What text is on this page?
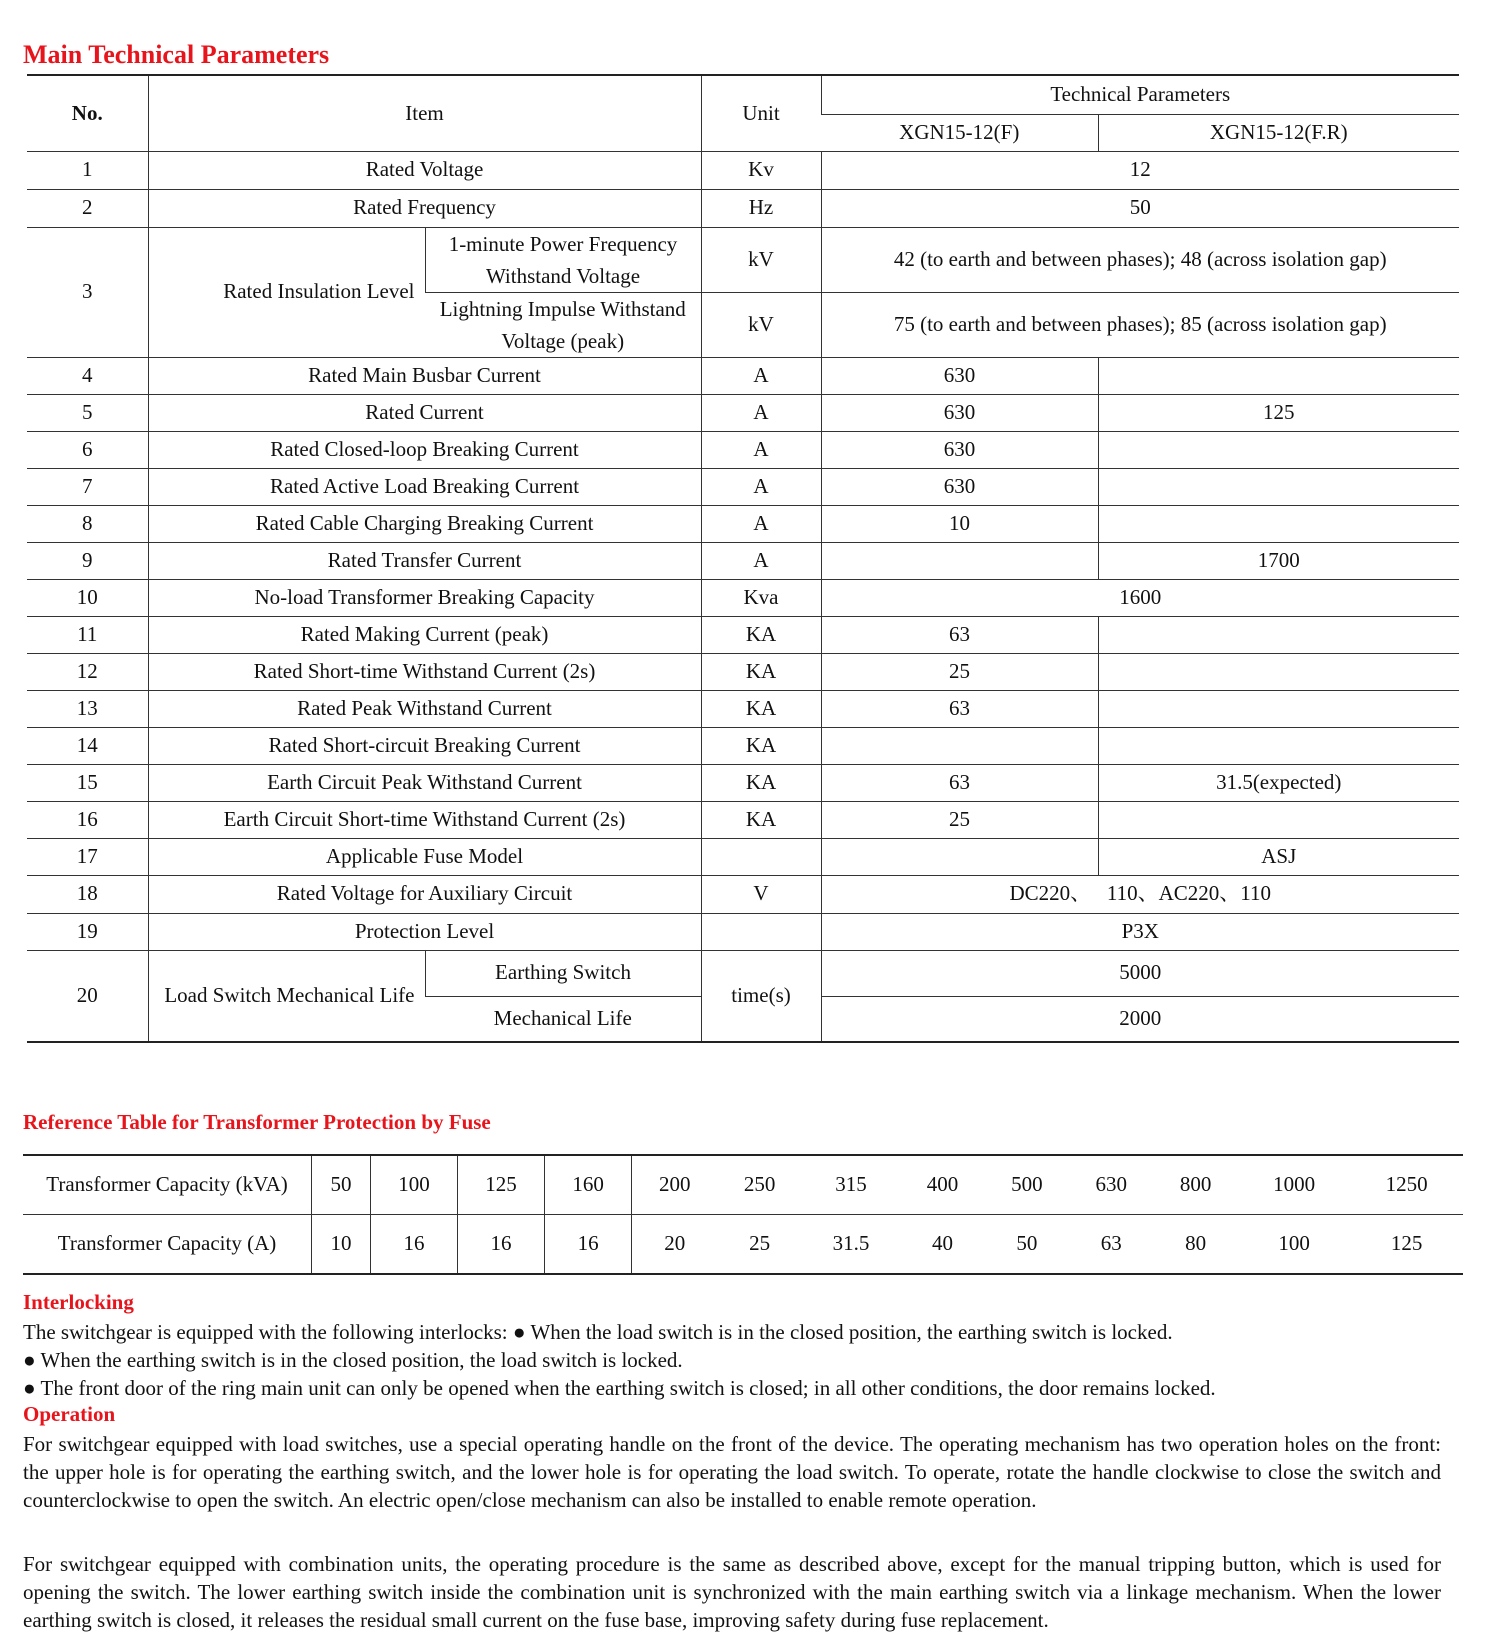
Main Technical Parameters
No.	Item		Unit	Technical Parameters	
				XGN15-12(F)	XGN15-12(F.R)
1	Rated Voltage		Kv	12	
2	Rated Frequency		Hz	50	
3	Rated Insulation Level	1-minute Power Frequency Withstand Voltage	kV	42 (to earth and between phases); 48 (across isolation gap)	
		Lightning Impulse Withstand Voltage (peak)	kV	75 (to earth and between phases); 85 (across isolation gap)	
4	Rated Main Busbar Current		A	630	
5	Rated Current		A	630	125
6	Rated Closed-loop Breaking Current		A	630	
7	Rated Active Load Breaking Current		A	630	
8	Rated Cable Charging Breaking Current		A	10	
9	Rated Transfer Current		A		1700
10	No-load Transformer Breaking Capacity		Kva	1600	
11	Rated Making Current (peak)		KA	63	
12	Rated Short-time Withstand Current (2s)		KA	25	
13	Rated Peak Withstand Current		KA	63	
14	Rated Short-circuit Breaking Current		KA		
15	Earth Circuit Peak Withstand Current		KA	63	31.5(expected)
16	Earth Circuit Short-time Withstand Current (2s)		KA	25	
17	Applicable Fuse Model				ASJ
18	Rated Voltage for Auxiliary Circuit		V	DC220、　 110、AC220、110	
19	Protection Level			P3X	
20	Load Switch Mechanical Life	Earthing Switch	time(s)	5000	
		Mechanical Life		2000	
Reference Table for Transformer Protection by Fuse
Transformer Capacity (kVA)	50	100	125	160	200	250	315	400	500	630	800	1000	1250
Transformer Capacity (A)	10	16	16	16	20	25	31.5	40	50	63	80	100	125
Interlocking

The switchgear is equipped with the following interlocks: ● When the load switch is in the closed position, the earthing switch is locked.

● When the earthing switch is in the closed position, the load switch is locked.

● The front door of the ring main unit can only be opened when the earthing switch is closed; in all other conditions, the door remains locked.

Operation

For switchgear equipped with load switches, use a special operating handle on the front of the device. The operating mechanism has two operation holes on the front: the upper hole is for operating the earthing switch, and the lower hole is for operating the load switch. To operate, rotate the handle clockwise to close the switch and counterclockwise to open the switch. An electric open/close mechanism can also be installed to enable remote operation.

For switchgear equipped with combination units, the operating procedure is the same as described above, except for the manual tripping button, which is used for opening the switch. The lower earthing switch inside the combination unit is synchronized with the main earthing switch via a linkage mechanism. When the lower earthing switch is closed, it releases the residual small current on the fuse base, improving safety during fuse replacement.
